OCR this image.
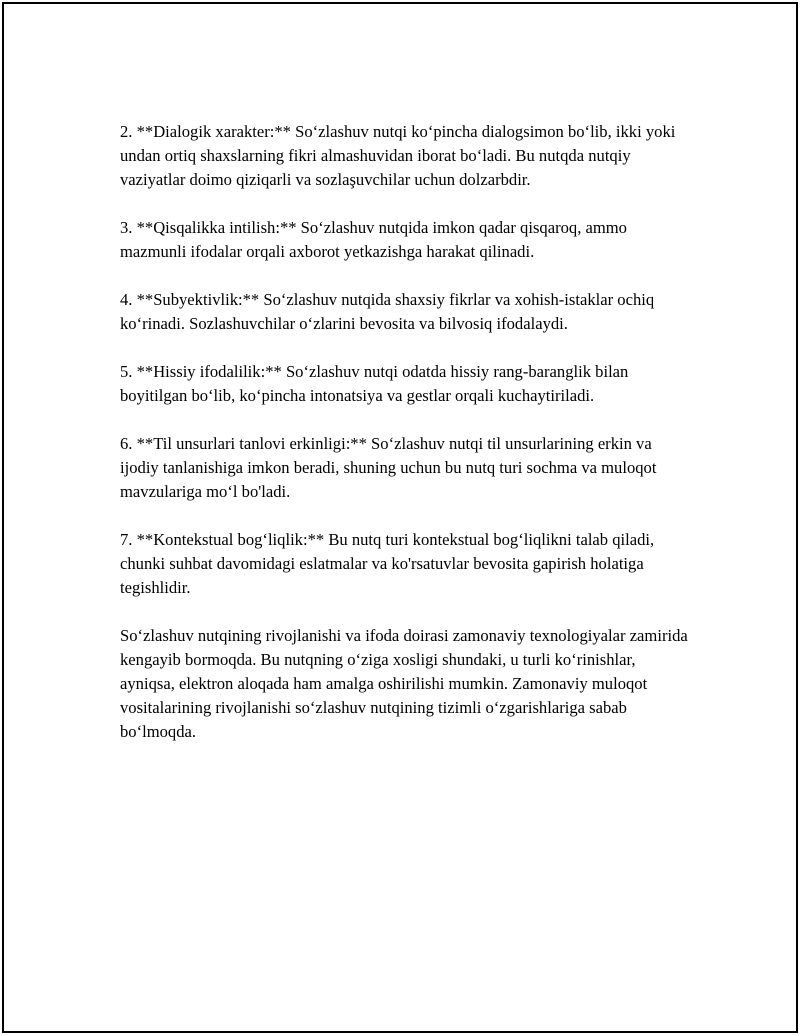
2. **Dialogik xarakter:** So‘zlashuv nutqi ko‘pincha dialogsimon bo‘lib, ikki yoki undan ortiq shaxslarning fikri almashuvidan iborat bo‘ladi. Bu nutqda nutqiy vaziyatlar doimo qiziqarli va sozlaşuvchilar uchun dolzarbdir.

3. **Qisqalikka intilish:** So‘zlashuv nutqida imkon qadar qisqaroq, ammo mazmunli ifodalar orqali axborot yetkazishga harakat qilinadi.

4. **Subyektivlik:** So‘zlashuv nutqida shaxsiy fikrlar va xohish-istaklar ochiq ko‘rinadi. Sozlashuvchilar o‘zlarini bevosita va bilvosiq ifodalaydi.

5. **Hissiy ifodalilik:** So‘zlashuv nutqi odatda hissiy rang-baranglik bilan boyitilgan bo‘lib, ko‘pincha intonatsiya va gestlar orqali kuchaytiriladi.

6. **Til unsurlari tanlovi erkinligi:** So‘zlashuv nutqi til unsurlarining erkin va ijodiy tanlanishiga imkon beradi, shuning uchun bu nutq turi sochma va muloqot mavzulariga mo‘l bo'ladi.

7. **Kontekstual bog‘liqlik:** Bu nutq turi kontekstual bog‘liqlikni talab qiladi, chunki suhbat davomidagi eslatmalar va ko'rsatuvlar bevosita gapirish holatiga tegishlidir.

So‘zlashuv nutqining rivojlanishi va ifoda doirasi zamonaviy texnologiyalar zamirida kengayib bormoqda. Bu nutqning o‘ziga xosligi shundaki, u turli ko‘rinishlar, ayniqsa, elektron aloqada ham amalga oshirilishi mumkin. Zamonaviy muloqot vositalarining rivojlanishi so‘zlashuv nutqining tizimli o‘zgarishlariga sabab bo‘lmoqda.
